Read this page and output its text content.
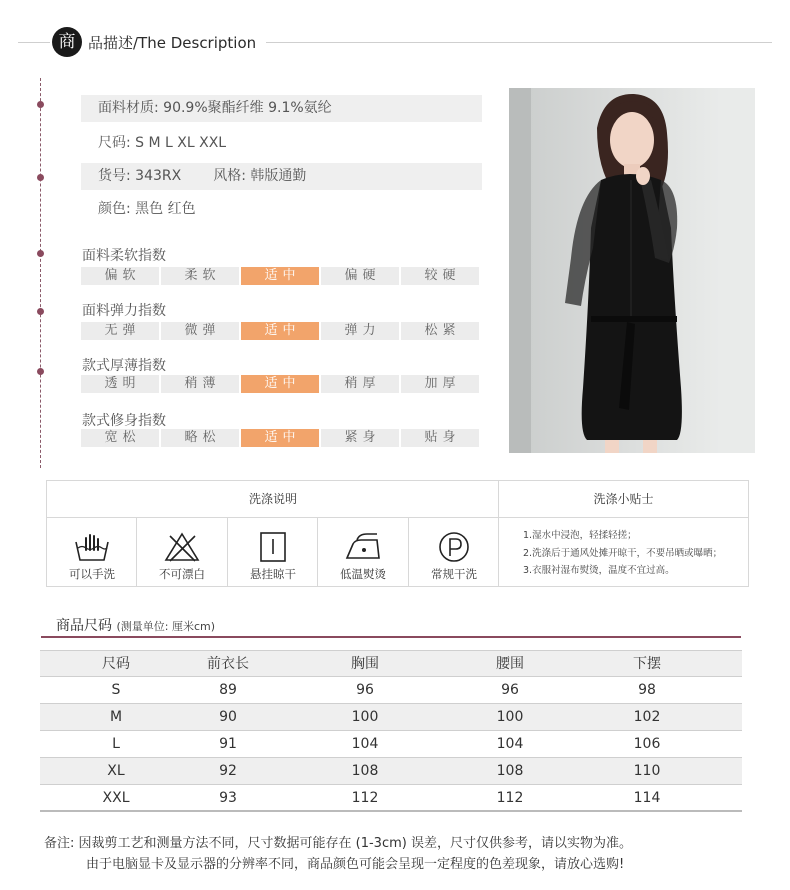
商 品描述/The Description
面料材质: 90.9%聚酯纤维 9.1%氨纶
尺码: S M L XL XXL
货号: 343RX 风格: 韩版通勤
颜色: 黑色 红色
面料柔软指数
偏软	柔软	适中	偏硬	较硬
面料弹力指数
无弹	微弹	适中	弹力	松紧
款式厚薄指数
透明	稍薄	适中	稍厚	加厚
款式修身指数
宽松	略松	适中	紧身	贴身
洗涤说明	洗涤小贴士
可以手洗	不可漂白	悬挂晾干	低温熨烫	常规干洗
1.湿水中浸泡，轻揉轻搓；
2.洗涤后于通风处摊开晾干，不要吊晒或曝晒；
3.衣服衬湿布熨烫，温度不宜过高。
商品尺码 (测量单位: 厘米cm)
尺码	前衣长	胸围	腰围	下摆
S	89	96	96	98
M	90	100	100	102
L	91	104	104	106
XL	92	108	108	110
XXL	93	112	112	114
备注: 因裁剪工艺和测量方法不同，尺寸数据可能存在 (1-3cm) 误差，尺寸仅供参考，请以实物为准。
由于电脑显卡及显示器的分辨率不同，商品颜色可能会呈现一定程度的色差现象，请放心选购!
